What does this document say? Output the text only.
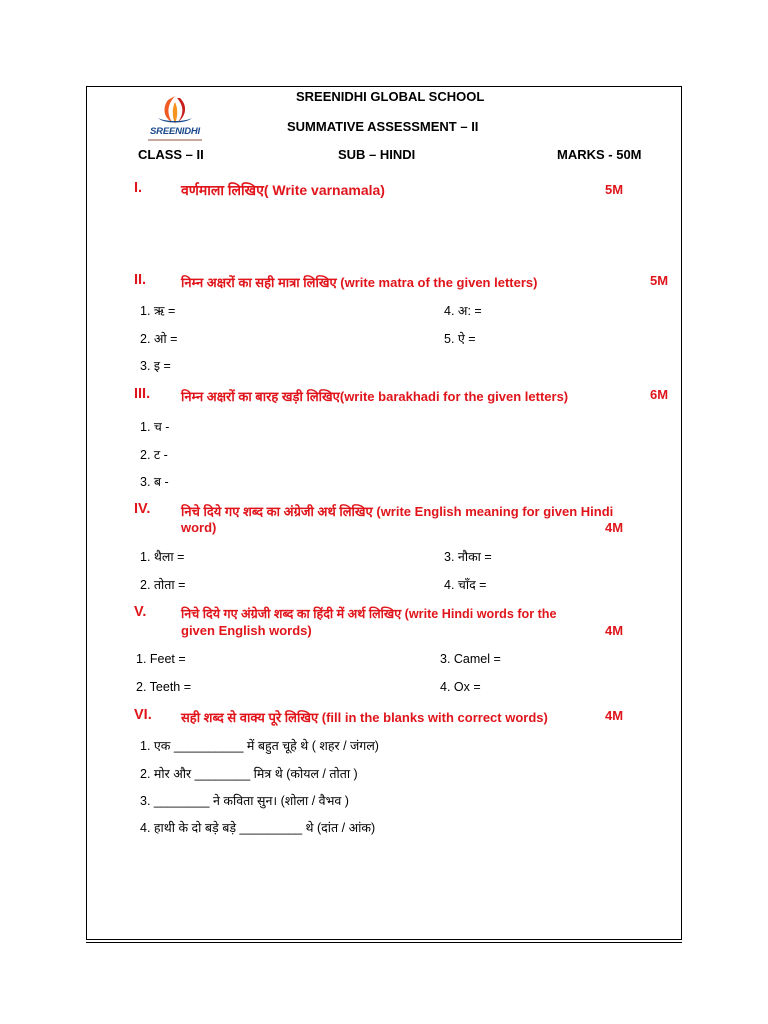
SREENIDHI
SREENIDHI GLOBAL SCHOOL
SUMMATIVE ASSESSMENT – II
CLASS – II	SUB – HINDI	MARKS - 50M
I.	वर्णमाला लिखिए( Write varnamala)	5M
II.	निम्न अक्षरों का सही मात्रा लिखिए (write matra of the given letters)	5M
1. ऋ =	4. अ: =
2. ओ =	5. ऐ =
3. इ =
III. निम्न अक्षरों का बारह खड़ी लिखिए(write barakhadi for the given letters)	6M
1. च -
2. ट -
3. ब -
IV. निचे दिये गए शब्द का अंग्रेजी अर्थ लिखिए (write English meaning for given Hindi
word)	4M
1. थैला =	3. नौका =
2. तोता =	4. चाँद =
V.	निचे दिये गए अंग्रेजी शब्द का हिंदी में अर्थ लिखिए (write Hindi words for the
given English words)	4M
1. Feet =	3. Camel =
2. Teeth =	4. Ox =
VI. सही शब्द से वाक्य पूरे लिखिए (fill in the blanks with correct words)	4M
1. एक __________ में बहुत चूहे थे ( शहर / जंगल)
2. मोर और ________ मित्र थे (कोयल / तोता )
3. ________ ने कविता सुन। (शोला / वैभव )
4. हाथी के दो बड़े बड़े _________ थे (दांत / आंक)
